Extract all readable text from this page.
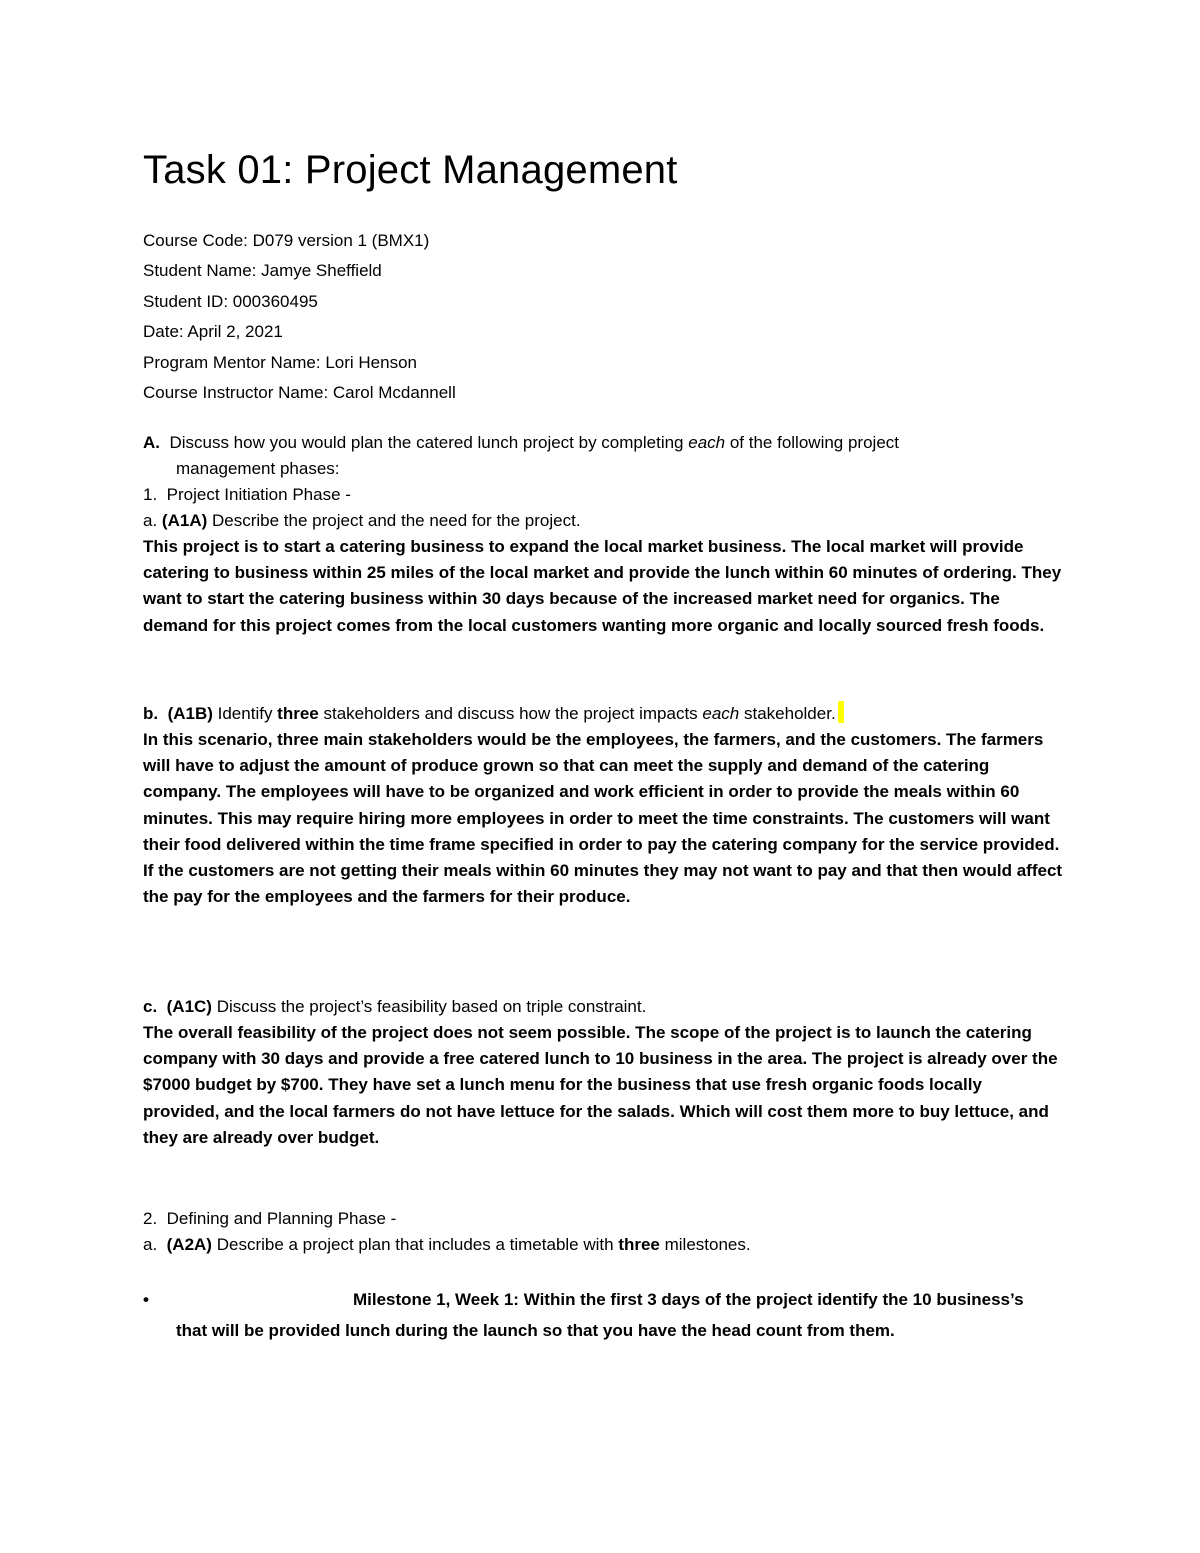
Task 01: Project Management
Course Code: D079 version 1 (BMX1)
Student Name: Jamye Sheffield
Student ID: 000360495
Date: April 2, 2021
Program Mentor Name: Lori Henson
Course Instructor Name: Carol Mcdannell
A. Discuss how you would plan the catered lunch project by completing each of the following project
management phases:
1. Project Initiation Phase -
a. (A1A) Describe the project and the need for the project.
This project is to start a catering business to expand the local market business. The local market will provide catering to business within 25 miles of the local market and provide the lunch within 60 minutes of ordering. They want to start the catering business within 30 days because of the increased market need for organics. The demand for this project comes from the local customers wanting more organic and locally sourced fresh foods.
b. (A1B) Identify three stakeholders and discuss how the project impacts each stakeholder.
In this scenario, three main stakeholders would be the employees, the farmers, and the customers. The farmers will have to adjust the amount of produce grown so that can meet the supply and demand of the catering company. The employees will have to be organized and work efficient in order to provide the meals within 60 minutes. This may require hiring more employees in order to meet the time constraints. The customers will want their food delivered within the time frame specified in order to pay the catering company for the service provided. If the customers are not getting their meals within 60 minutes they may not want to pay and that then would affect the pay for the employees and the farmers for their produce.
c. (A1C) Discuss the project’s feasibility based on triple constraint.
The overall feasibility of the project does not seem possible. The scope of the project is to launch the catering company with 30 days and provide a free catered lunch to 10 business in the area. The project is already over the $7000 budget by $700. They have set a lunch menu for the business that use fresh organic foods locally provided, and the local farmers do not have lettuce for the salads. Which will cost them more to buy lettuce, and they are already over budget.
2. Defining and Planning Phase -
a. (A2A) Describe a project plan that includes a timetable with three milestones.
•	Milestone 1, Week 1: Within the first 3 days of the project identify the 10 business’s that will be provided lunch during the launch so that you have the head count from them.
